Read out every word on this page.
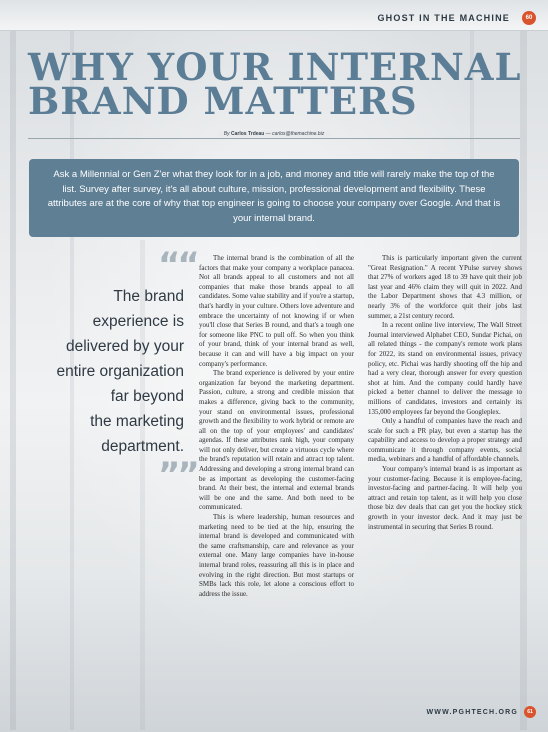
GHOST IN THE MACHINE	60
WHY YOUR INTERNAL
BRAND MATTERS
By Carlos Trdeau — carlos@themachine.biz
Ask a Millennial or Gen Z'er what they look for in a job, and money and title will rarely make the top of the list. Survey after survey, it's all about culture, mission, professional development and flexibility. These attributes are at the core of why that top engineer is going to choose your company over Google. And that is your internal brand.
““
The brand
experience is
delivered by your
entire organization
far beyond
the marketing
department.
””

The internal brand is the combination of all the factors that make your company a workplace panacea. Not all brands appeal to all customers and not all companies that make those brands appeal to all candidates. Some value stability and if you're a startup, that's hardly in your culture. Others love adventure and embrace the uncertainty of not knowing if or when you'll close that Series B round, and that's a tough one for someone like PNC to pull off. So when you think of your brand, think of your internal brand as well, because it can and will have a big impact on your company's performance.

The brand experience is delivered by your entire organization far beyond the marketing department. Passion, culture, a strong and credible mission that makes a difference, giving back to the community, your stand on environmental issues, professional growth and the flexibility to work hybrid or remote are all on the top of your employees' and candidates' agendas. If these attributes rank high, your company will not only deliver, but create a virtuous cycle where the brand's reputation will retain and attract top talent. Addressing and developing a strong internal brand can be as important as developing the customer-facing brand. At their best, the internal and external brands will be one and the same. And both need to be communicated.

This is where leadership, human resources and marketing need to be tied at the hip, ensuring the internal brand is developed and communicated with the same craftsmanship, care and relevance as your external one. Many large companies have in-house internal brand roles, reassuring all this is in place and evolving in the right direction. But most startups or SMBs lack this role, let alone a conscious effort to address the issue.

This is particularly important given the current "Great Resignation." A recent YPulse survey shows that 27% of workers aged 18 to 39 have quit their job last year and 46% claim they will quit in 2022. And the Labor Department shows that 4.3 million, or nearly 3% of the workforce quit their jobs last summer, a 21st century record.

In a recent online live interview, The Wall Street Journal interviewed Alphabet CEO, Sundar Pichai, on all related things - the company's remote work plans for 2022, its stand on environmental issues, privacy policy, etc. Pichai was hardly shooting off the hip and had a very clear, thorough answer for every question shot at him. And the company could hardly have picked a better channel to deliver the message to millions of candidates, investors and certainly its 135,000 employees far beyond the Googleplex.

Only a handful of companies have the reach and scale for such a PR play, but even a startup has the capability and access to develop a proper strategy and communicate it through company events, social media, webinars and a handful of affordable channels.

Your company's internal brand is as important as your customer-facing. Because it is employee-facing, investor-facing and partner-facing. It will help you attract and retain top talent, as it will help you close those biz dev deals that can get you the hockey stick growth in your investor deck. And it may just be instrumental in securing that Series B round.

WWW.PGHTECH.ORG	61
